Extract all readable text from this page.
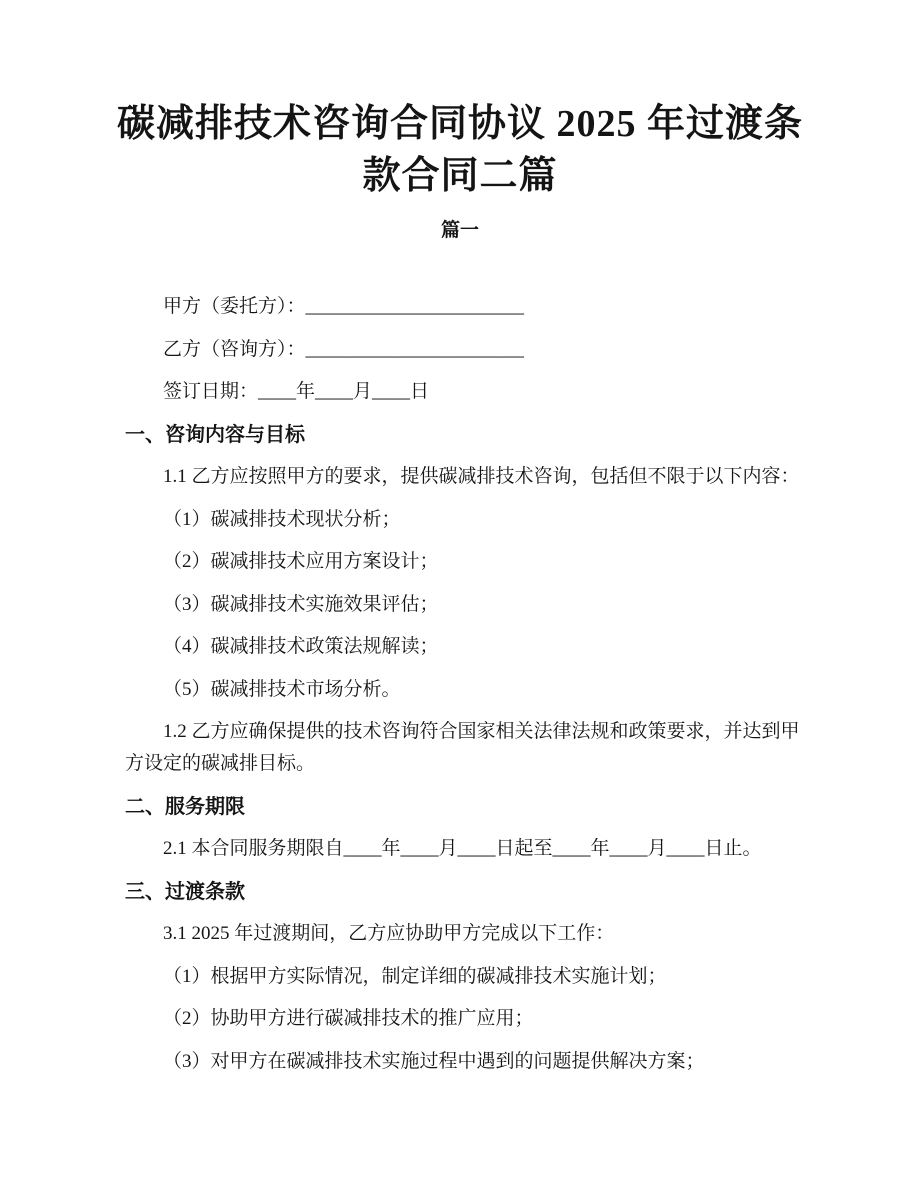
碳减排技术咨询合同协议 2025 年过渡条款合同二篇
篇一

甲方（委托方）：_______________________

乙方（咨询方）：_______________________

签订日期：____年____月____日

一、咨询内容与目标

1.1 乙方应按照甲方的要求，提供碳减排技术咨询，包括但不限于以下内容：

（1）碳减排技术现状分析；

（2）碳减排技术应用方案设计；

（3）碳减排技术实施效果评估；

（4）碳减排技术政策法规解读；

（5）碳减排技术市场分析。

1.2 乙方应确保提供的技术咨询符合国家相关法律法规和政策要求，并达到甲方设定的碳减排目标。

二、服务期限

2.1 本合同服务期限自____年____月____日起至____年____月____日止。

三、过渡条款

3.1 2025 年过渡期间，乙方应协助甲方完成以下工作：

（1）根据甲方实际情况，制定详细的碳减排技术实施计划；

（2）协助甲方进行碳减排技术的推广应用；

（3）对甲方在碳减排技术实施过程中遇到的问题提供解决方案；
